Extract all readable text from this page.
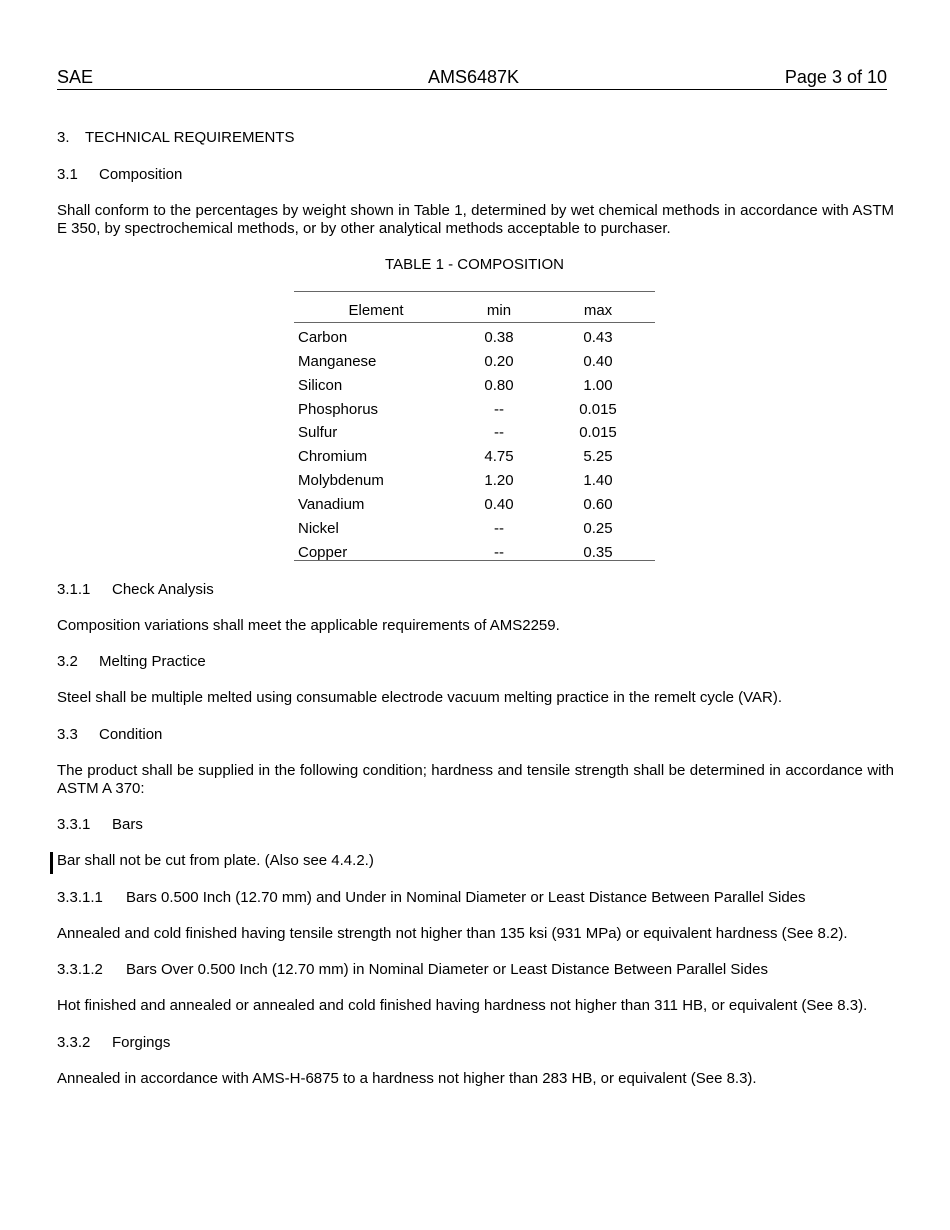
SAE	AMS6487K	Page 3 of 10
3. TECHNICAL REQUIREMENTS
3.1 Composition
Shall conform to the percentages by weight shown in Table 1, determined by wet chemical methods in accordance with ASTM E 350, by spectrochemical methods, or by other analytical methods acceptable to purchaser.
TABLE 1 - COMPOSITION
Element	min	max
Carbon	0.38	0.43
Manganese	0.20	0.40
Silicon	0.80	1.00
Phosphorus	--	0.015
Sulfur	--	0.015
Chromium	4.75	5.25
Molybdenum	1.20	1.40
Vanadium	0.40	0.60
Nickel	--	0.25
Copper	--	0.35
3.1.1 Check Analysis
Composition variations shall meet the applicable requirements of AMS2259.
3.2 Melting Practice
Steel shall be multiple melted using consumable electrode vacuum melting practice in the remelt cycle (VAR).
3.3 Condition
The product shall be supplied in the following condition; hardness and tensile strength shall be determined in accordance with ASTM A 370:
3.3.1 Bars
Bar shall not be cut from plate. (Also see 4.4.2.)
3.3.1.1 Bars 0.500 Inch (12.70 mm) and Under in Nominal Diameter or Least Distance Between Parallel Sides
Annealed and cold finished having tensile strength not higher than 135 ksi (931 MPa) or equivalent hardness (See 8.2).
3.3.1.2 Bars Over 0.500 Inch (12.70 mm) in Nominal Diameter or Least Distance Between Parallel Sides
Hot finished and annealed or annealed and cold finished having hardness not higher than 311 HB, or equivalent (See 8.3).
3.3.2 Forgings
Annealed in accordance with AMS-H-6875 to a hardness not higher than 283 HB, or equivalent (See 8.3).
